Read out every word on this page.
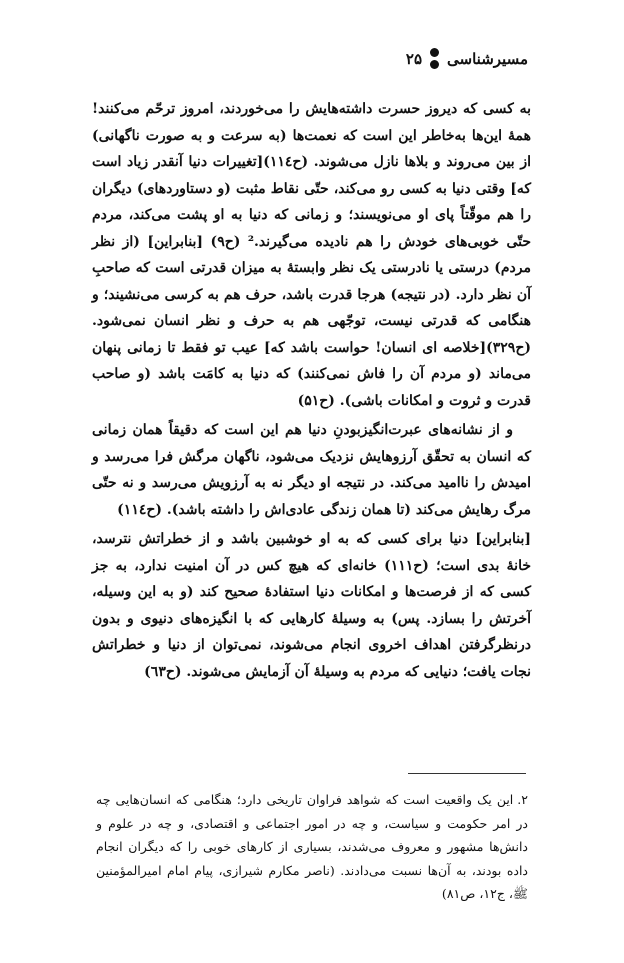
مسیرشناسی
۲۵

به کسی که دیروز حسرت داشته‌هایش را می‌خوردند، امروز ترحّم می‌کنند! همهٔ این‌ها به‌خاطر این است که نعمت‌ها (به سرعت و به صورت ناگهانی) از بین می‌روند و بلاها نازل می‌شوند. (ح۱۱٤)[تغییرات دنیا آنقدر زیاد است که] وقتی دنیا به کسی رو می‌کند، حتّی نقاط مثبت (و دستاوردهای) دیگران را هم موقّتاً پای او می‌نویسند؛ و زمانی که دنیا به او پشت می‌کند، مردم حتّی خوبی‌های خودش را هم نادیده می‌گیرند.² (ح۹) [بنابراین] (از نظر مردم) درستی یا نادرستی یک نظر وابستهٔ به میزان قدرتی است که صاحبِ آن نظر دارد. (در نتیجه) هرجا قدرت باشد، حرف هم به کرسی می‌نشیند؛ و هنگامی که قدرتی نیست، توجّهی هم به حرف و نظر انسان نمی‌شود. (ح۳۲۹)[خلاصه ای انسان! حواست باشد که] عیب تو فقط تا زمانی پنهان می‌ماند (و مردم آن را فاش نمی‌کنند) که دنیا به کامَت باشد (و صاحب قدرت و ثروت و امکانات باشی). (ح۵۱)

و از نشانه‌های عبرت‌انگیزبودنِ دنیا هم این است که دقیقاً همان زمانی که انسان به تحقّق آرزوهایش نزدیک می‌شود، ناگهان مرگش فرا می‌رسد و امیدش را ناامید می‌کند. در نتیجه او دیگر نه به آرزویش می‌رسد و نه حتّی مرگ رهایش می‌کند (تا همان زندگی عادی‌اش را داشته باشد). (ح۱۱٤)

[بنابراین] دنیا برای کسی که به او خوشبین باشد و از خطراتش نترسد، خانهٔ بدی است؛ (ح۱۱۱) خانه‌ای که هیچ کس در آن امنیت ندارد، به جز کسی که از فرصت‌ها و امکانات دنیا استفادهٔ صحیح کند (و به این وسیله، آخرتش را بسازد. پس) به وسیلهٔ کارهایی که با انگیزه‌های دنیوی و بدون درنظرگرفتن اهداف اخروی انجام می‌شوند، نمی‌توان از دنیا و خطراتش نجات یافت؛ دنیایی که مردم به وسیلهٔ آن آزمایش می‌شوند. (ح٦٣)

۲.این یک واقعیت است که شواهد فراوان تاریخی دارد؛ هنگامی که انسان‌هایی چه در امر حکومت و سیاست، و چه در امور اجتماعی و اقتصادی، و چه در علوم و دانش‌ها مشهور و معروف می‌شدند، بسیاری از کارهای خوبی را که دیگران انجام داده بودند، به آن‌ها نسبت می‌دادند. (ناصر مکارم شیرازی، پیام امام امیرالمؤمنین ﷺ، ج۱۲، ص۸۱)
